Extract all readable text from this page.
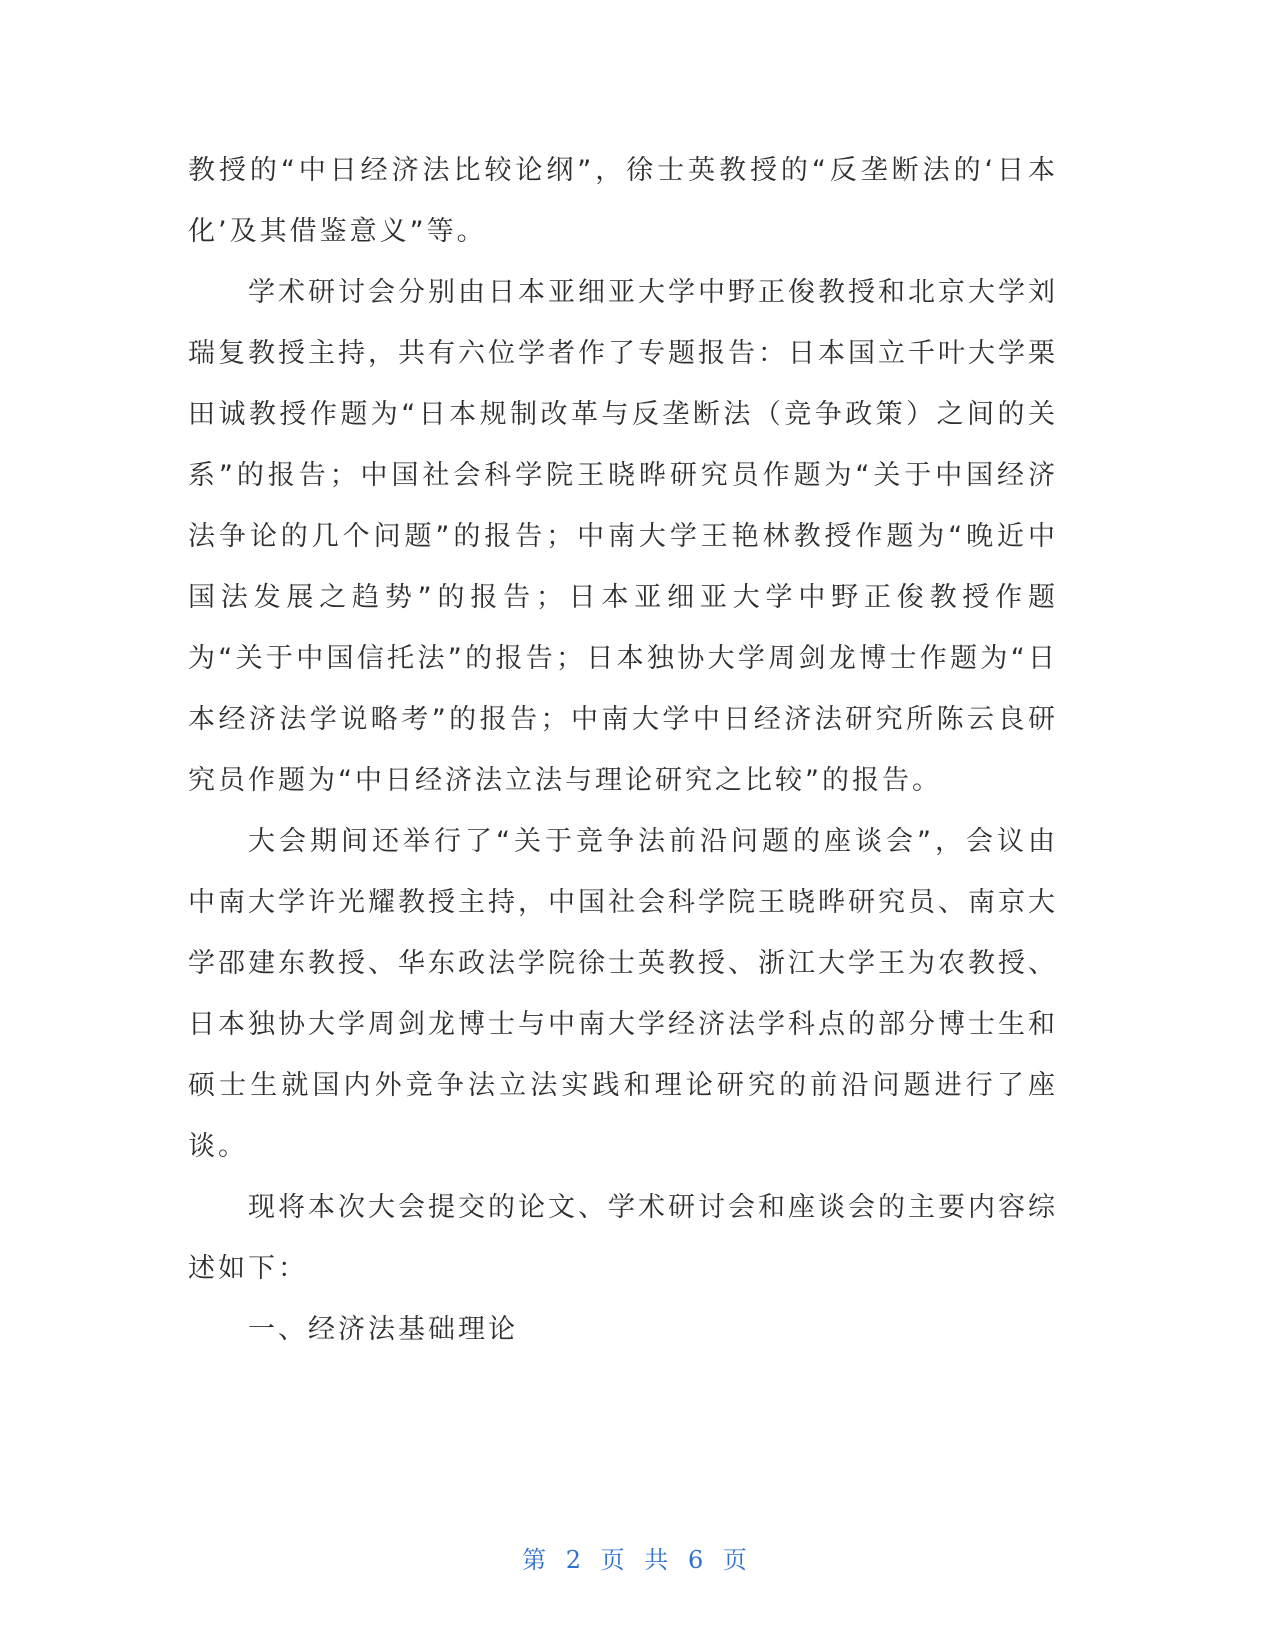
教授的“中日经济法比较论纲”，徐士英教授的“反垄断法的‘日本化’及其借鉴意义”等。

学术研讨会分别由日本亚细亚大学中野正俊教授和北京大学刘瑞复教授主持，共有六位学者作了专题报告：日本国立千叶大学栗田诚教授作题为“日本规制改革与反垄断法（竞争政策）之间的关系”的报告；中国社会科学院王晓晔研究员作题为“关于中国经济法争论的几个问题”的报告；中南大学王艳林教授作题为“晚近中国法发展之趋势”的报告；日本亚细亚大学中野正俊教授作题为“关于中国信托法”的报告；日本独协大学周剑龙博士作题为“日本经济法学说略考”的报告；中南大学中日经济法研究所陈云良研究员作题为“中日经济法立法与理论研究之比较”的报告。

大会期间还举行了“关于竞争法前沿问题的座谈会”，会议由中南大学许光耀教授主持，中国社会科学院王晓晔研究员、南京大学邵建东教授、华东政法学院徐士英教授、浙江大学王为农教授、日本独协大学周剑龙博士与中南大学经济法学科点的部分博士生和硕士生就国内外竞争法立法实践和理论研究的前沿问题进行了座谈。

现将本次大会提交的论文、学术研讨会和座谈会的主要内容综述如下：

一、经济法基础理论

第 2 页 共 6 页
